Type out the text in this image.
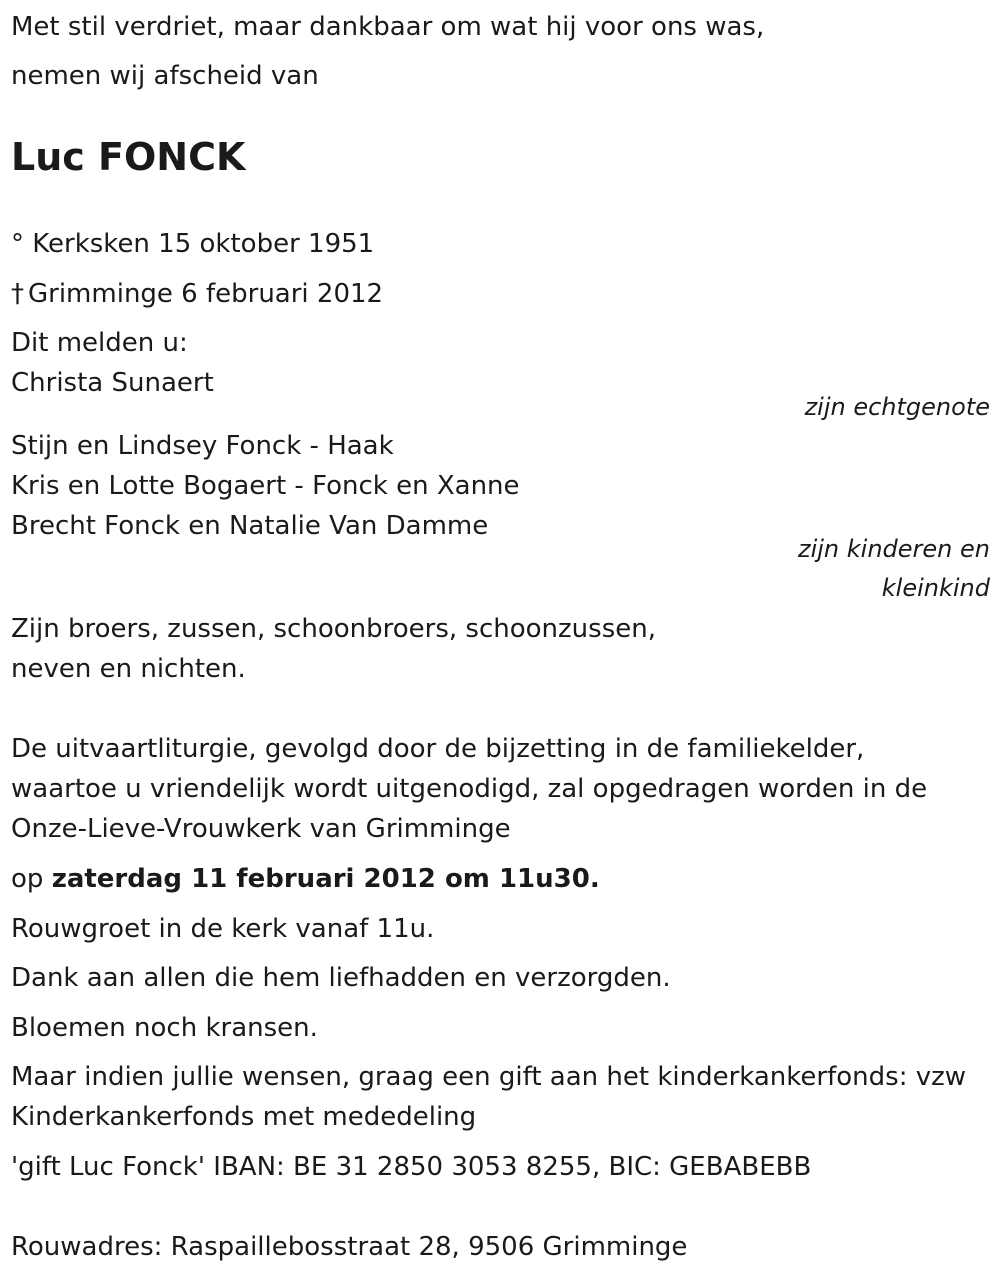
Met stil verdriet, maar dankbaar om wat hij voor ons was,
nemen wij afscheid van
Luc FONCK
° Kerksken 15 oktober 1951
† Grimminge 6 februari 2012
Dit melden u:
Christa Sunaert
zijn echtgenote
Stijn en Lindsey Fonck - Haak
Kris en Lotte Bogaert - Fonck en Xanne
Brecht Fonck en Natalie Van Damme
zijn kinderen en
kleinkind
Zijn broers, zussen, schoonbroers, schoonzussen,
neven en nichten.
De uitvaartliturgie, gevolgd door de bijzetting in de familiekelder,
waartoe u vriendelijk wordt uitgenodigd, zal opgedragen worden in de
Onze-Lieve-Vrouwkerk van Grimminge
op zaterdag 11 februari 2012 om 11u30.
Rouwgroet in de kerk vanaf 11u.
Dank aan allen die hem liefhadden en verzorgden.
Bloemen noch kransen.
Maar indien jullie wensen, graag een gift aan het kinderkankerfonds: vzw
Kinderkankerfonds met mededeling
'gift Luc Fonck' IBAN: BE 31 2850 3053 8255, BIC: GEBABEBB
Rouwadres: Raspaillebosstraat 28, 9506 Grimminge
